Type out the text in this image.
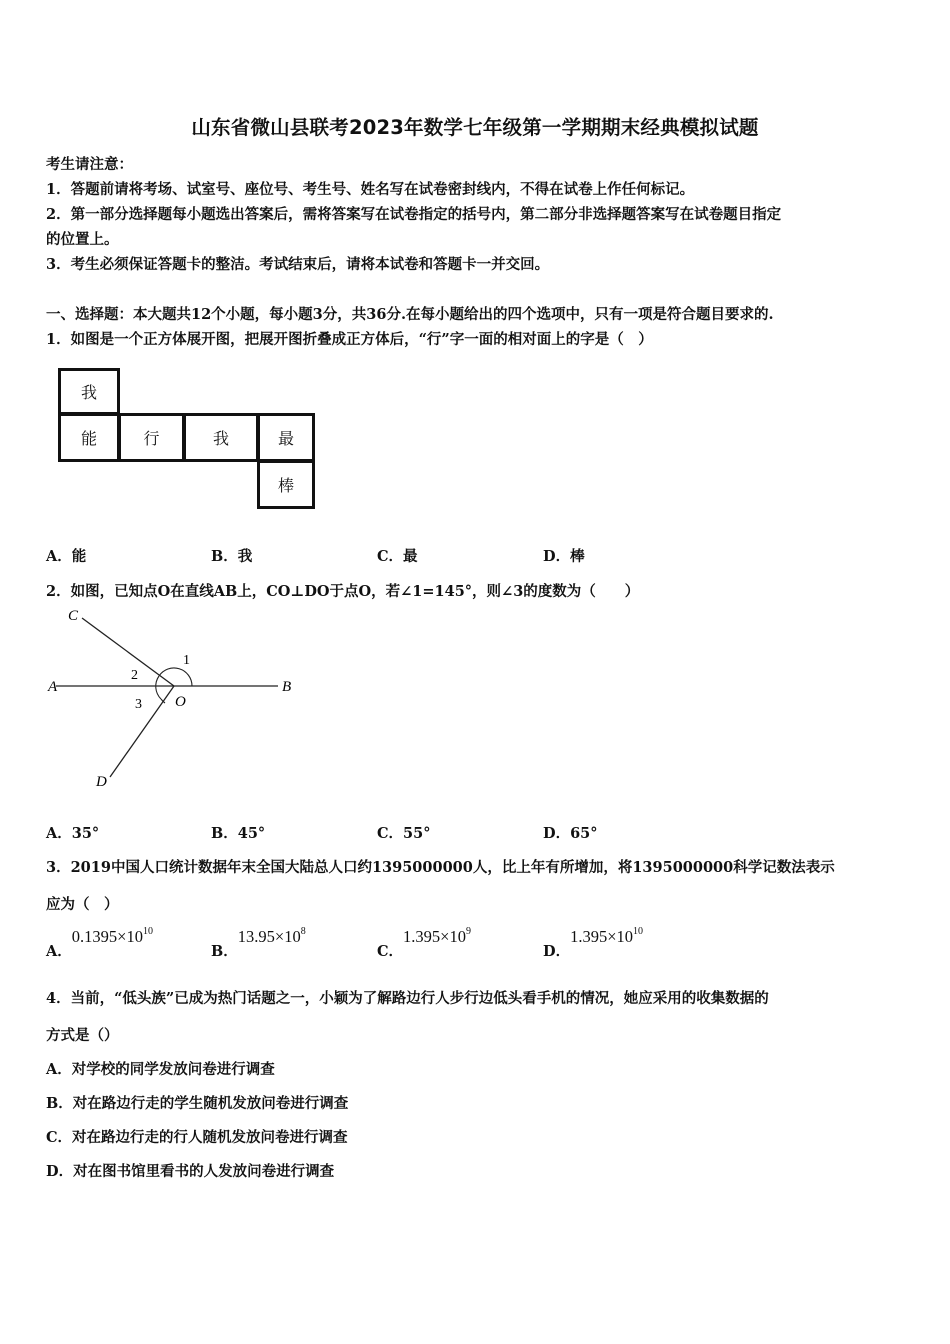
山东省微山县联考2023年数学七年级第一学期期末经典模拟试题
考生请注意：
1．答题前请将考场、试室号、座位号、考生号、姓名写在试卷密封线内，不得在试卷上作任何标记。
2．第一部分选择题每小题选出答案后，需将答案写在试卷指定的括号内，第二部分非选择题答案写在试卷题目指定
的位置上。
3．考生必须保证答题卡的整洁。考试结束后，请将本试卷和答题卡一并交回。
一、选择题：本大题共12个小题，每小题3分，共36分.在每小题给出的四个选项中，只有一项是符合题目要求的.
1．如图是一个正方体展开图，把展开图折叠成正方体后，“行”字一面的相对面上的字是（　）
我
能	行	我	最
棒
A．能	B．我	C．最	D．棒
2．如图，已知点O在直线AB上，CO⊥DO于点O，若∠1=145°，则∠3的度数为（　　）
C
A	B
O
D
1
2
3
A．35°	B．45°	C．55°	D．65°
3．2019中国人口统计数据年末全国大陆总人口约1395000000人，比上年有所增加，将1395000000科学记数法表示
应为（　）
A．$0.1395\times 10^{10}$
B．$13.95\times 10^8$
C．$1.395\times 10^9$
D．$1.395\times 10^{10}$
4．当前，“低头族”已成为热门话题之一，小颖为了解路边行人步行边低头看手机的情况，她应采用的收集数据的
方式是（）
A．对学校的同学发放问卷进行调查
B．对在路边行走的学生随机发放问卷进行调查
C．对在路边行走的行人随机发放问卷进行调查
D．对在图书馆里看书的人发放问卷进行调查
